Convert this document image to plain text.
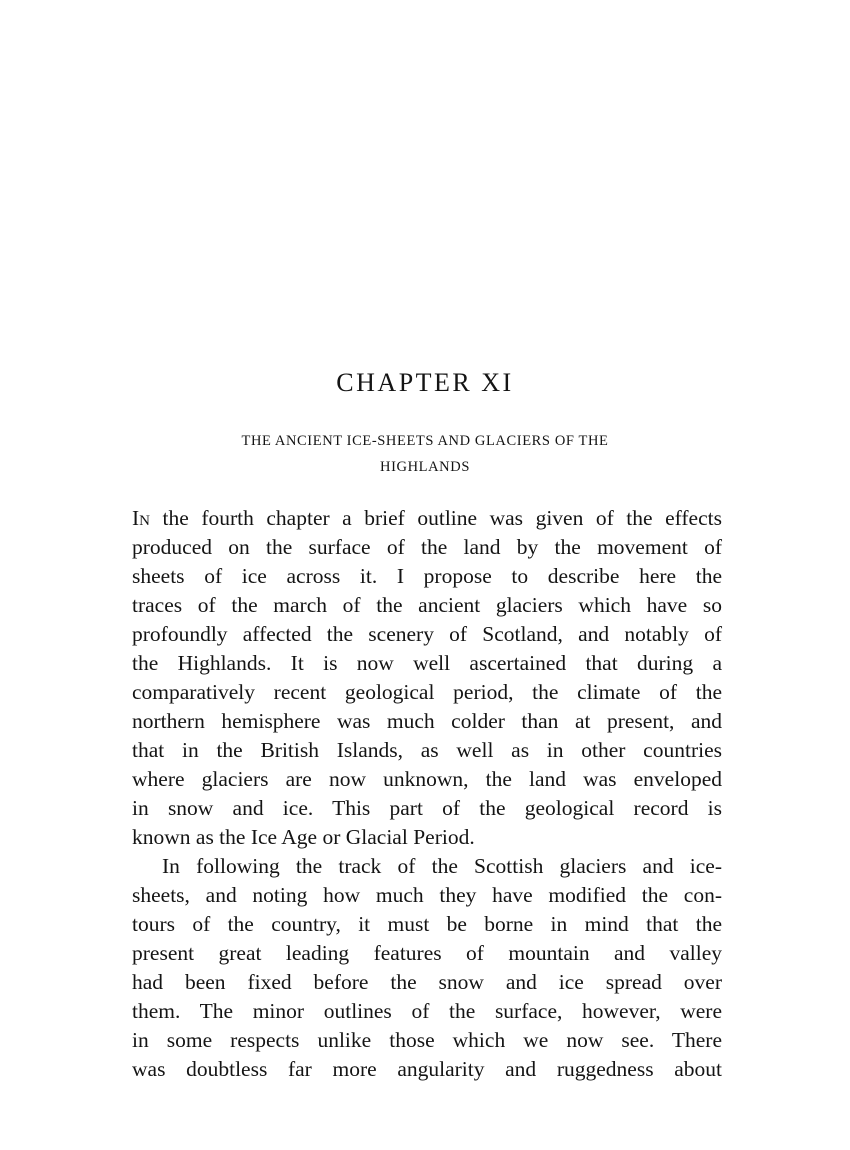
CHAPTER XI
THE ANCIENT ICE-SHEETS AND GLACIERS OF THE
HIGHLANDS
In the fourth chapter a brief outline was given of the effects
produced on the surface of the land by the movement of
sheets of ice across it. I propose to describe here the
traces of the march of the ancient glaciers which have so
profoundly affected the scenery of Scotland, and notably of
the Highlands. It is now well ascertained that during a
comparatively recent geological period, the climate of the
northern hemisphere was much colder than at present, and
that in the British Islands, as well as in other countries
where glaciers are now unknown, the land was enveloped
in snow and ice. This part of the geological record is
known as the Ice Age or Glacial Period.
In following the track of the Scottish glaciers and ice-
sheets, and noting how much they have modified the con-
tours of the country, it must be borne in mind that the
present great leading features of mountain and valley
had been fixed before the snow and ice spread over
them. The minor outlines of the surface, however, were
in some respects unlike those which we now see. There
was doubtless far more angularity and ruggedness about
